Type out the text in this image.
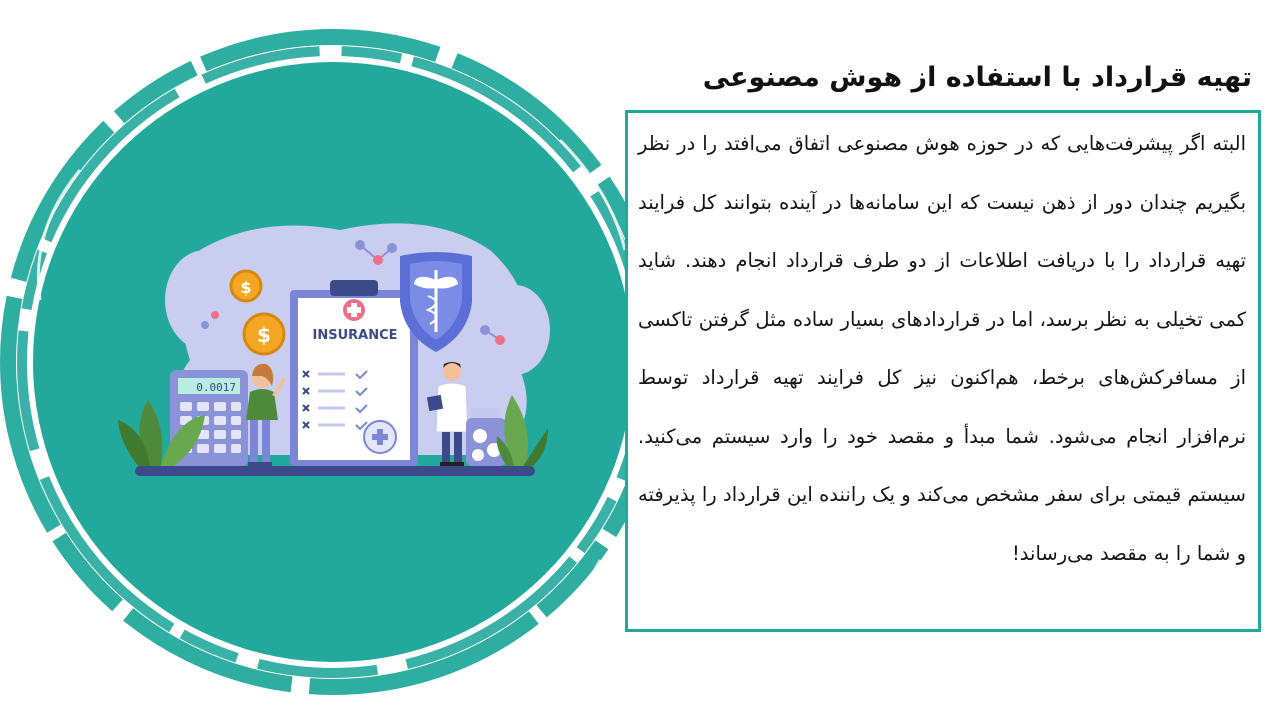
$
$
0.0017
INSURANCE
تهیه قرارداد با استفاده از هوش مصنوعی

البته اگر پیشرفت‌هایی که در حوزه هوش مصنوعی اتفاق می‌افتد را در نظر بگیریم چندان دور از ذهن نیست که این سامانه‌ها در آینده بتوانند کل فرایند تهیه قرارداد را با دریافت اطلاعات از دو طرف قرارداد انجام دهند. شاید کمی تخیلی به نظر برسد، اما در قراردادهای بسیار ساده مثل گرفتن تاکسی از مسافرکش‌های برخط، هم‌اکنون نیز کل فرایند تهیه قرارداد توسط نرم‌افزار انجام می‌شود. شما مبدأ و مقصد خود را وارد سیستم می‌کنید. سیستم قیمتی برای سفر مشخص می‌کند و یک راننده این قرارداد را پذیرفته و شما را به مقصد می‌رساند!
